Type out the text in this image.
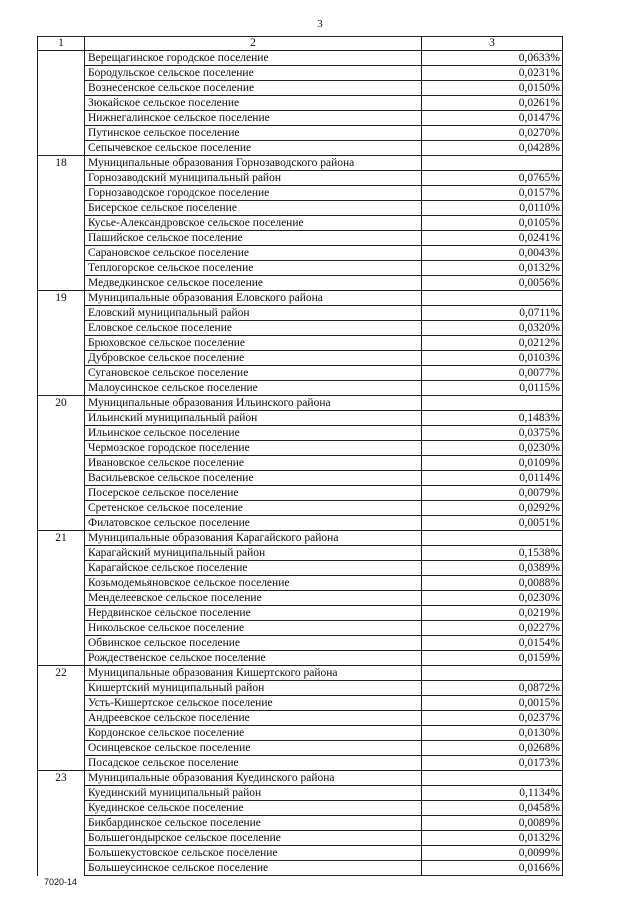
3
1	2	3
	Верещагинское городское поселение	0,0633%
	Бородульское сельское поселение	0,0231%
	Вознесенское сельское поселение	0,0150%
	Зюкайское сельское поселение	0,0261%
	Нижнегалинское сельское поселение	0,0147%
	Путинское сельское поселение	0,0270%
	Сепычевское сельское поселение	0,0428%
18	Муниципальные образования Горнозаводского района	
	Горнозаводский муниципальный район	0,0765%
	Горнозаводское городское поселение	0,0157%
	Бисерское сельское поселение	0,0110%
	Кусье-Александровское сельское поселение	0,0105%
	Пашийское сельское поселение	0,0241%
	Сарановское сельское поселение	0,0043%
	Теплогорское сельское поселение	0,0132%
	Медведкинское сельское поселение	0,0056%
19	Муниципальные образования Еловского района	
	Еловский муниципальный район	0,0711%
	Еловское сельское поселение	0,0320%
	Брюховское сельское поселение	0,0212%
	Дубровское сельское поселение	0,0103%
	Сугановское сельское поселение	0,0077%
	Малоусинское сельское поселение	0,0115%
20	Муниципальные образования Ильинского района	
	Ильинский муниципальный район	0,1483%
	Ильинское сельское поселение	0,0375%
	Чермозское городское поселение	0,0230%
	Ивановское сельское поселение	0,0109%
	Васильевское сельское поселение	0,0114%
	Посерское сельское поселение	0,0079%
	Сретенское сельское поселение	0,0292%
	Филатовское сельское поселение	0,0051%
21	Муниципальные образования Карагайского района	
	Карагайский муниципальный район	0,1538%
	Карагайское сельское поселение	0,0389%
	Козьмодемьяновское сельское поселение	0,0088%
	Менделеевское сельское поселение	0,0230%
	Нердвинское сельское поселение	0,0219%
	Никольское сельское поселение	0,0227%
	Обвинское сельское поселение	0,0154%
	Рождественское сельское поселение	0,0159%
22	Муниципальные образования Кишертского района	
	Кишертский муниципальный район	0,0872%
	Усть-Кишертское сельское поселение	0,0015%
	Андреевское сельское поселение	0,0237%
	Кордонское сельское поселение	0,0130%
	Осинцевское сельское поселение	0,0268%
	Посадское сельское поселение	0,0173%
23	Муниципальные образования Куединского района	
	Куединский муниципальный район	0,1134%
	Куединское сельское поселение	0,0458%
	Бикбардинское сельское поселение	0,0089%
	Большегондырское сельское поселение	0,0132%
	Большекустовское сельское поселение	0,0099%
	Большеусинское сельское поселение	0,0166%
7020-14
